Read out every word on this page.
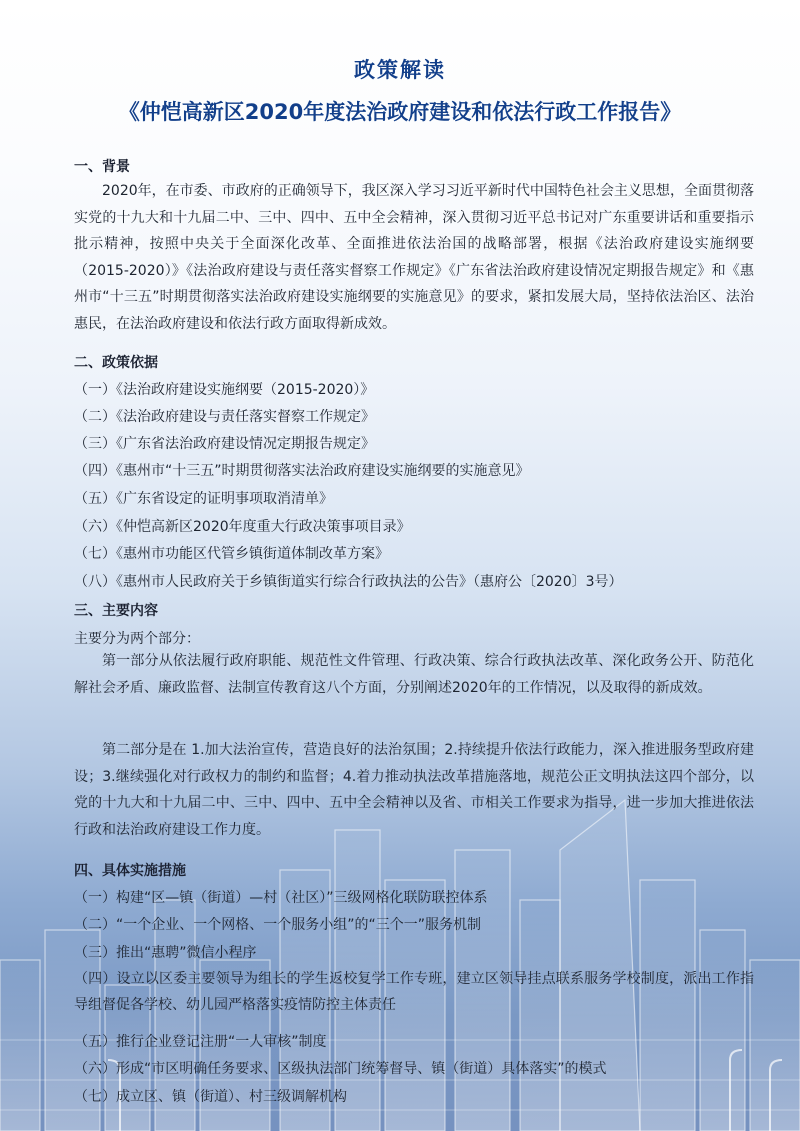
政策解读
《仲恺高新区2020年度法治政府建设和依法行政工作报告》
一、背景
2020年，在市委、市政府的正确领导下，我区深入学习习近平新时代中国特色社会主义思想，全面贯彻落实党的十九大和十九届二中、三中、四中、五中全会精神，深入贯彻习近平总书记对广东重要讲话和重要指示批示精神，按照中央关于全面深化改革、全面推进依法治国的战略部署，根据《法治政府建设实施纲要（2015-2020）》《法治政府建设与责任落实督察工作规定》《广东省法治政府建设情况定期报告规定》和《惠州市“十三五”时期贯彻落实法治政府建设实施纲要的实施意见》的要求，紧扣发展大局，坚持依法治区、法治惠民，在法治政府建设和依法行政方面取得新成效。
二、政策依据
（一）《法治政府建设实施纲要（2015-2020）》
（二）《法治政府建设与责任落实督察工作规定》
（三）《广东省法治政府建设情况定期报告规定》
（四）《惠州市“十三五”时期贯彻落实法治政府建设实施纲要的实施意见》
（五）《广东省设定的证明事项取消清单》
（六）《仲恺高新区2020年度重大行政决策事项目录》
（七）《惠州市功能区代管乡镇街道体制改革方案》
（八）《惠州市人民政府关于乡镇街道实行综合行政执法的公告》（惠府公〔2020〕3号）
三、主要内容
主要分为两个部分：
第一部分从依法履行政府职能、规范性文件管理、行政决策、综合行政执法改革、深化政务公开、防范化解社会矛盾、廉政监督、法制宣传教育这八个方面，分别阐述2020年的工作情况，以及取得的新成效。
第二部分是在 1.加大法治宣传，营造良好的法治氛围；2.持续提升依法行政能力，深入推进服务型政府建设；3.继续强化对行政权力的制约和监督；4.着力推动执法改革措施落地，规范公正文明执法这四个部分，以党的十九大和十九届二中、三中、四中、五中全会精神以及省、市相关工作要求为指导，进一步加大推进依法行政和法治政府建设工作力度。
四、具体实施措施
（一）构建“区—镇（街道）—村（社区）”三级网格化联防联控体系
（二）“一个企业、一个网格、一个服务小组”的“三个一”服务机制
（三）推出“惠聘”微信小程序
（四）设立以区委主要领导为组长的学生返校复学工作专班，建立区领导挂点联系服务学校制度，派出工作指导组督促各学校、幼儿园严格落实疫情防控主体责任
（五）推行企业登记注册“一人审核”制度
（六）形成“市区明确任务要求、区级执法部门统筹督导、镇（街道）具体落实”的模式
（七）成立区、镇（街道）、村三级调解机构
